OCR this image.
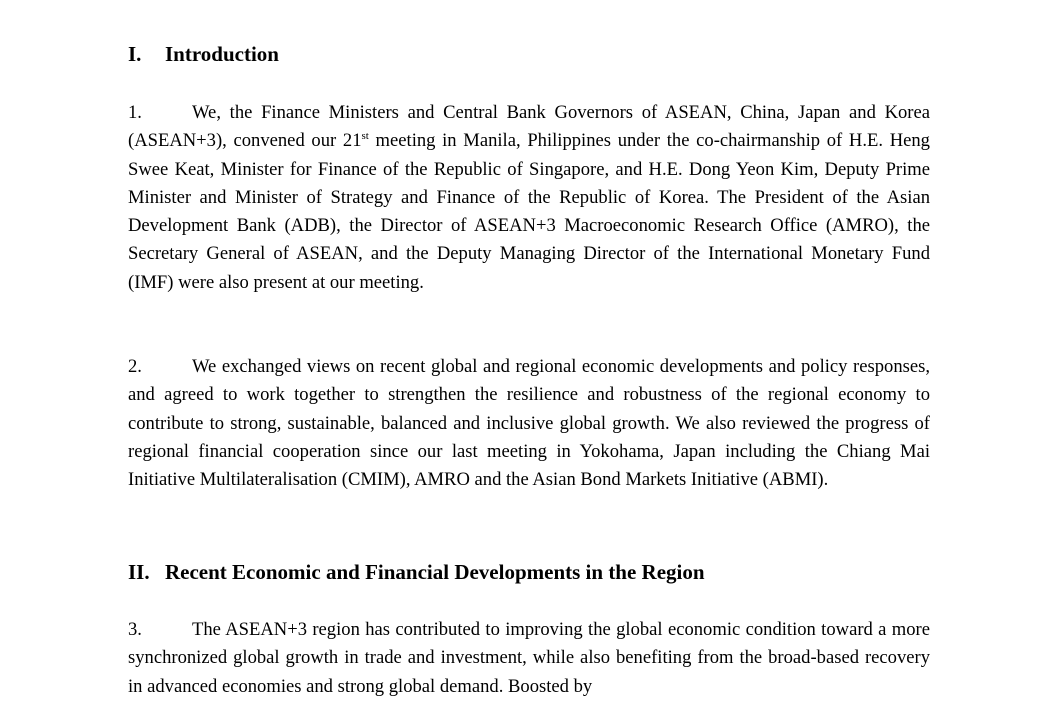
I. Introduction
1.	We, the Finance Ministers and Central Bank Governors of ASEAN, China, Japan and Korea (ASEAN+3), convened our 21st meeting in Manila, Philippines under the co-chairmanship of H.E. Heng Swee Keat, Minister for Finance of the Republic of Singapore, and H.E. Dong Yeon Kim, Deputy Prime Minister and Minister of Strategy and Finance of the Republic of Korea. The President of the Asian Development Bank (ADB), the Director of ASEAN+3 Macroeconomic Research Office (AMRO), the Secretary General of ASEAN, and the Deputy Managing Director of the International Monetary Fund (IMF) were also present at our meeting.
2.	We exchanged views on recent global and regional economic developments and policy responses, and agreed to work together to strengthen the resilience and robustness of the regional economy to contribute to strong, sustainable, balanced and inclusive global growth. We also reviewed the progress of regional financial cooperation since our last meeting in Yokohama, Japan including the Chiang Mai Initiative Multilateralisation (CMIM), AMRO and the Asian Bond Markets Initiative (ABMI).
II. Recent Economic and Financial Developments in the Region
3.	The ASEAN+3 region has contributed to improving the global economic condition toward a more synchronized global growth in trade and investment, while also benefiting from the broad-based recovery in advanced economies and strong global demand. Boosted by
